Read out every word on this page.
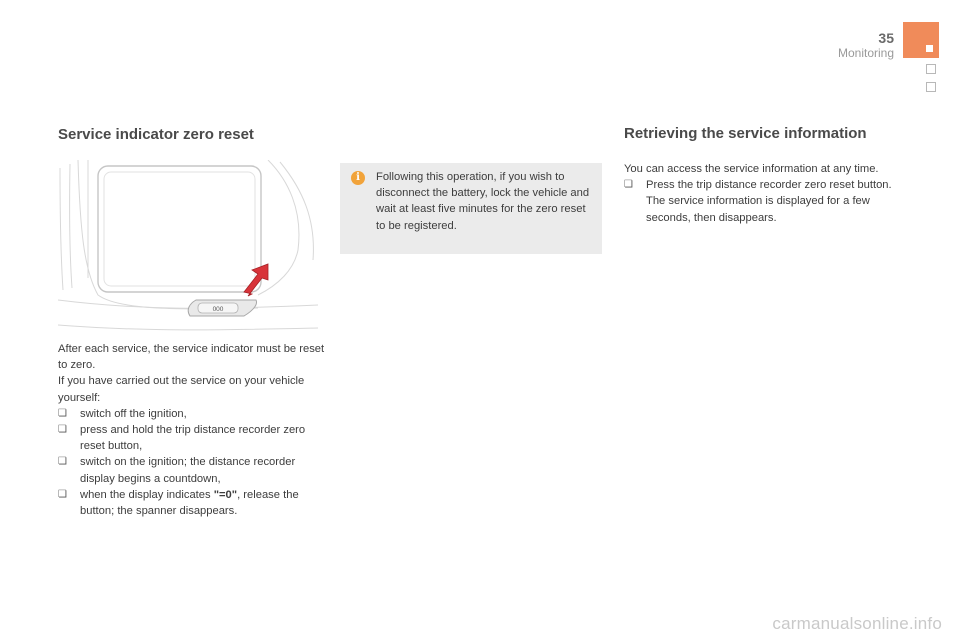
35
Monitoring
Service indicator zero reset
000

After each service, the service indicator must be reset to zero.

If you have carried out the service on your vehicle yourself:

❏ switch off the ignition,

❏ press and hold the trip distance recorder zero reset button,

❏ switch on the ignition; the distance recorder display begins a countdown,

❏ when the display indicates "=0", release the button; the spanner disappears.

i	Following this operation, if you wish to disconnect the battery, lock the vehicle and wait at least five minutes for the zero reset to be registered.

Retrieving the service information

You can access the service information at any time.

❏ Press the trip distance recorder zero reset button.

The service information is displayed for a few seconds, then disappears.

carmanualsonline.info
